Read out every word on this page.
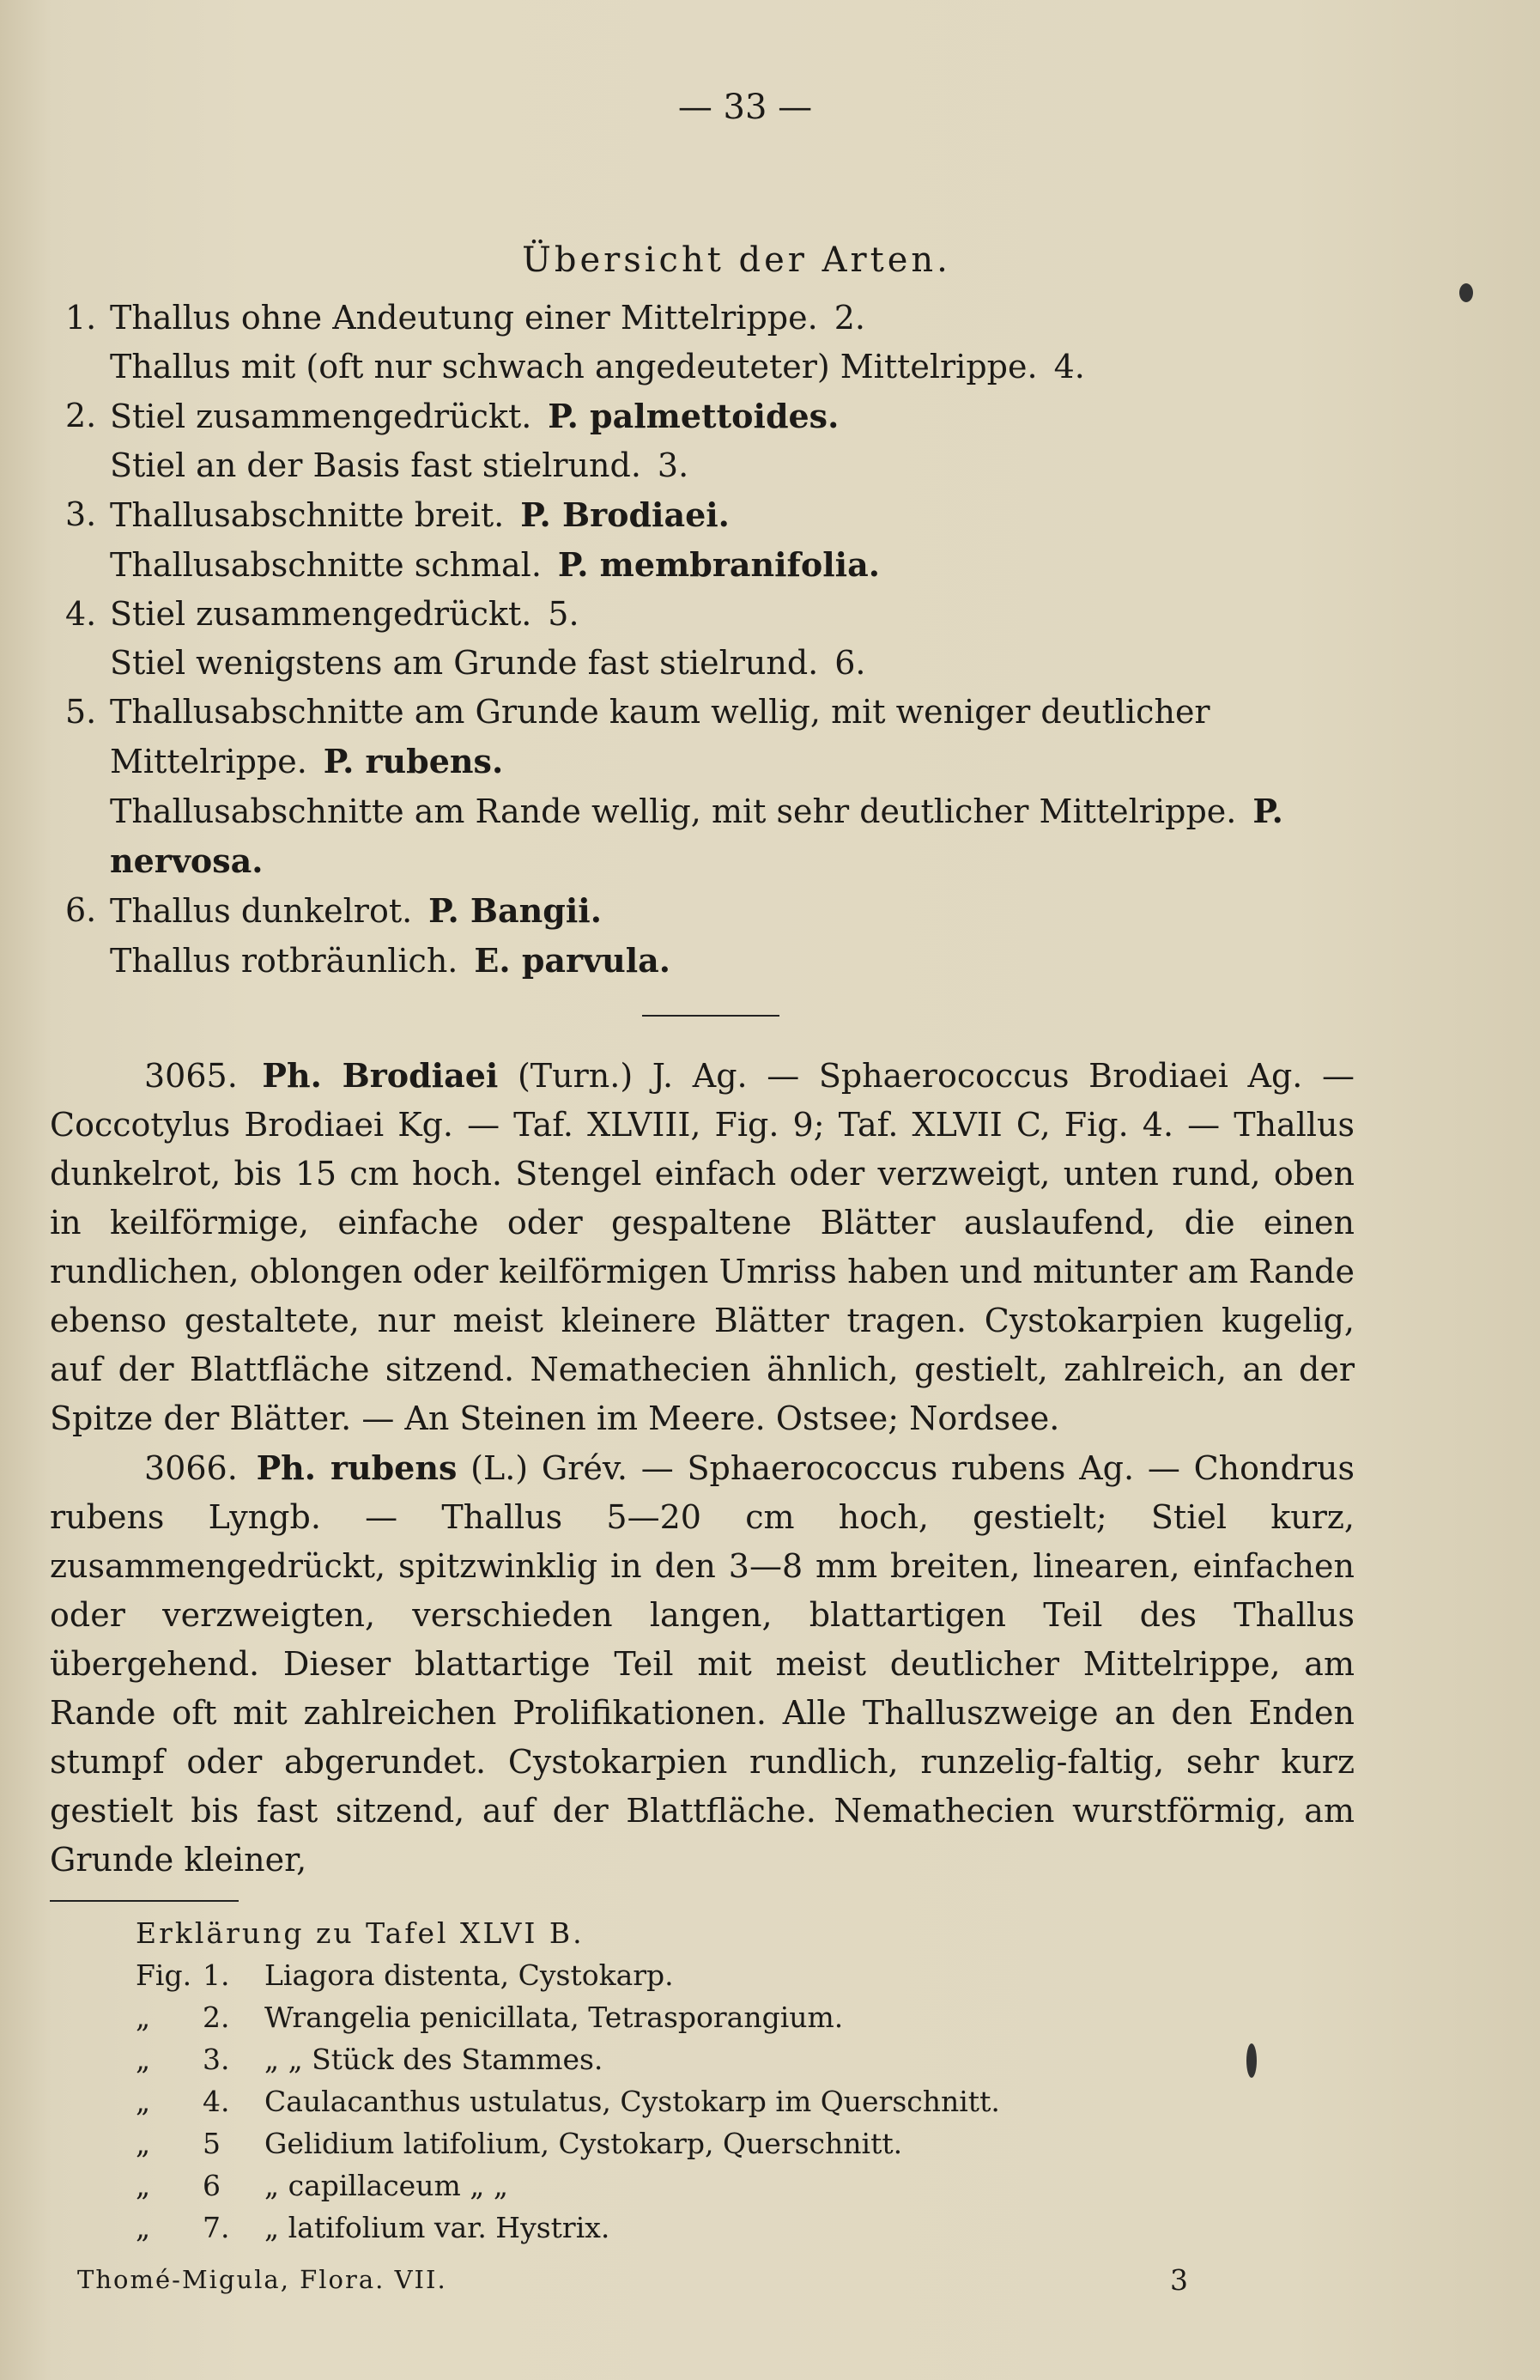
— 33 —
Übersicht der Arten.
1. Thallus ohne Andeutung einer Mittelrippe.  2.
Thallus mit (oft nur schwach angedeuteter) Mittelrippe.  4.
2. Stiel zusammengedrückt.  P. palmettoides.
Stiel an der Basis fast stielrund.  3.
3. Thallusabschnitte breit.  P. Brodiaei.
Thallusabschnitte schmal.  P. membranifolia.
4. Stiel zusammengedrückt.  5.
Stiel wenigstens am Grunde fast stielrund.  6.
5. Thallusabschnitte am Grunde kaum wellig, mit weniger deutlicher Mittelrippe.  P. rubens.
Thallusabschnitte am Rande wellig, mit sehr deutlicher Mittelrippe.  P. nervosa.
6. Thallus dunkelrot.  P. Bangii.
Thallus rotbräunlich.  E. parvula.

3065. Ph. Brodiaei (Turn.) J. Ag. — Sphaerococcus Brodiaei Ag. — Coccotylus Brodiaei Kg. — Taf. XLVIII, Fig. 9; Taf. XLVII C, Fig. 4. — Thallus dunkelrot, bis 15 cm hoch. Stengel einfach oder verzweigt, unten rund, oben in keilförmige, einfache oder gespaltene Blätter auslaufend, die einen rundlichen, oblongen oder keilförmigen Umriss haben und mitunter am Rande ebenso gestaltete, nur meist kleinere Blätter tragen. Cystokarpien kugelig, auf der Blattfläche sitzend. Nemathecien ähnlich, gestielt, zahlreich, an der Spitze der Blätter. — An Steinen im Meere. Ostsee; Nordsee.

3066. Ph. rubens (L.) Grév. — Sphaerococcus rubens Ag. — Chondrus rubens Lyngb. — Thallus 5—20 cm hoch, gestielt; Stiel kurz, zusammengedrückt, spitzwinklig in den 3—8 mm breiten, linearen, einfachen oder verzweigten, verschieden langen, blattartigen Teil des Thallus übergehend. Dieser blattartige Teil mit meist deutlicher Mittelrippe, am Rande oft mit zahlreichen Prolifikationen. Alle Thalluszweige an den Enden stumpf oder abgerundet. Cystokarpien rundlich, runzelig-faltig, sehr kurz gestielt bis fast sitzend, auf der Blattfläche. Nemathecien wurstförmig, am Grunde kleiner,

Erklärung zu Tafel XLVI B.
Fig. 1. Liagora distenta, Cystokarp.
„ 2. Wrangelia penicillata, Tetrasporangium.
„ 3. „ „ Stück des Stammes.
„ 4. Caulacanthus ustulatus, Cystokarp im Querschnitt.
„ 5 Gelidium latifolium, Cystokarp, Querschnitt.
„ 6 „ capillaceum „ „
„ 7. „ latifolium var. Hystrix.
Thomé-Migula, Flora. VII.	3
